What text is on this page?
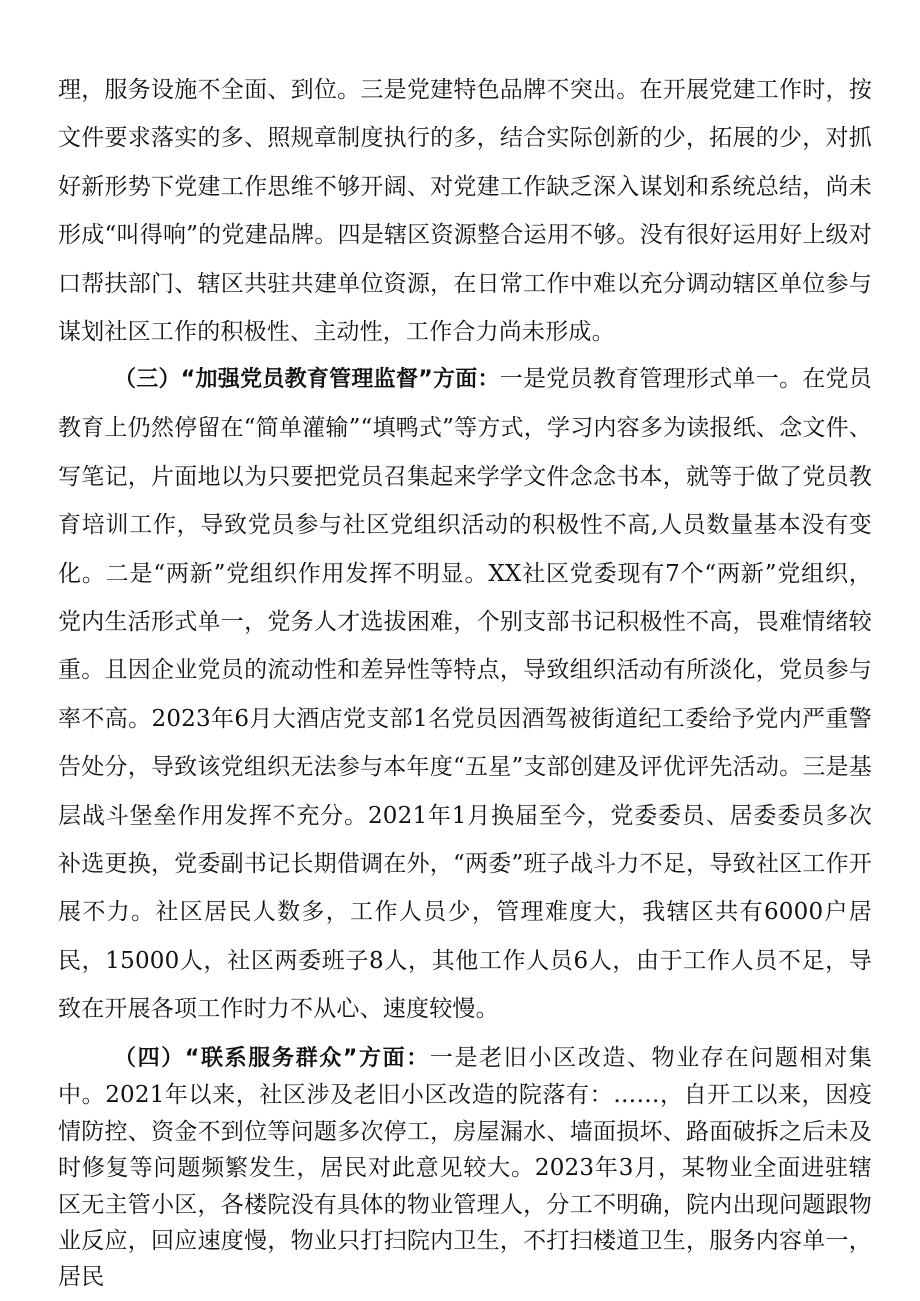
理，服务设施不全面、到位。三是党建特色品牌不突出。在开展党建工作时，按文件要求落实的多、照规章制度执行的多，结合实际创新的少，拓展的少，对抓好新形势下党建工作思维不够开阔、对党建工作缺乏深入谋划和系统总结，尚未形成“叫得响”的党建品牌。四是辖区资源整合运用不够。没有很好运用好上级对口帮扶部门、辖区共驻共建单位资源，在日常工作中难以充分调动辖区单位参与谋划社区工作的积极性、主动性，工作合力尚未形成。

（三）“加强党员教育管理监督”方面：一是党员教育管理形式单一。在党员教育上仍然停留在“简单灌输”“填鸭式”等方式，学习内容多为读报纸、念文件、写笔记，片面地以为只要把党员召集起来学学文件念念书本，就等于做了党员教育培训工作，导致党员参与社区党组织活动的积极性不高,人员数量基本没有变化。二是“两新”党组织作用发挥不明显。XX社区党委现有7个“两新”党组织，党内生活形式单一，党务人才选拔困难，个别支部书记积极性不高，畏难情绪较重。且因企业党员的流动性和差异性等特点，导致组织活动有所淡化，党员参与率不高。2023年6月大酒店党支部1名党员因酒驾被街道纪工委给予党内严重警告处分，导致该党组织无法参与本年度“五星”支部创建及评优评先活动。三是基层战斗堡垒作用发挥不充分。2021年1月换届至今，党委委员、居委委员多次补选更换，党委副书记长期借调在外，“两委”班子战斗力不足，导致社区工作开展不力。社区居民人数多，工作人员少，管理难度大，我辖区共有6000户居民，15000人，社区两委班子8人，其他工作人员6人，由于工作人员不足，导致在开展各项工作时力不从心、速度较慢。

（四）“联系服务群众”方面：一是老旧小区改造、物业存在问题相对集中。2021年以来，社区涉及老旧小区改造的院落有：……，自开工以来，因疫情防控、资金不到位等问题多次停工，房屋漏水、墙面损坏、路面破拆之后未及时修复等问题频繁发生，居民对此意见较大。2023年3月，某物业全面进驻辖区无主管小区，各楼院没有具体的物业管理人，分工不明确，院内出现问题跟物业反应，回应速度慢，物业只打扫院内卫生，不打扫楼道卫生，服务内容单一，居民
